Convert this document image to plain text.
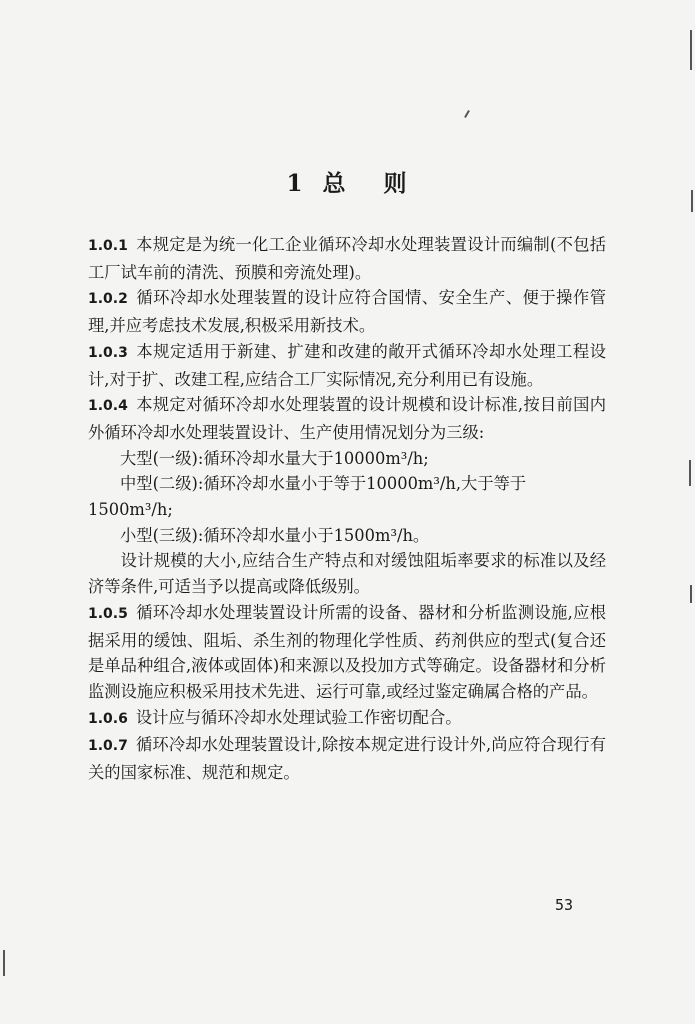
1 总 则

1.0.1 本规定是为统一化工企业循环冷却水处理装置设计而编制(不包括工厂试车前的清洗、预膜和旁流处理)。

1.0.2 循环冷却水处理装置的设计应符合国情、安全生产、便于操作管理,并应考虑技术发展,积极采用新技术。

1.0.3 本规定适用于新建、扩建和改建的敞开式循环冷却水处理工程设计,对于扩、改建工程,应结合工厂实际情况,充分利用已有设施。

1.0.4 本规定对循环冷却水处理装置的设计规模和设计标准,按目前国内外循环冷却水处理装置设计、生产使用情况划分为三级:

大型(一级):循环冷却水量大于10000m³/h;

中型(二级):循环冷却水量小于等于10000m³/h,大于等于

1500m³/h;

小型(三级):循环冷却水量小于1500m³/h。

设计规模的大小,应结合生产特点和对缓蚀阻垢率要求的标准以及经济等条件,可适当予以提高或降低级别。

1.0.5 循环冷却水处理装置设计所需的设备、器材和分析监测设施,应根据采用的缓蚀、阻垢、杀生剂的物理化学性质、药剂供应的型式(复合还是单品种组合,液体或固体)和来源以及投加方式等确定。设备器材和分析监测设施应积极采用技术先进、运行可靠,或经过鉴定确属合格的产品。

1.0.6 设计应与循环冷却水处理试验工作密切配合。

1.0.7 循环冷却水处理装置设计,除按本规定进行设计外,尚应符合现行有关的国家标准、规范和规定。

53
